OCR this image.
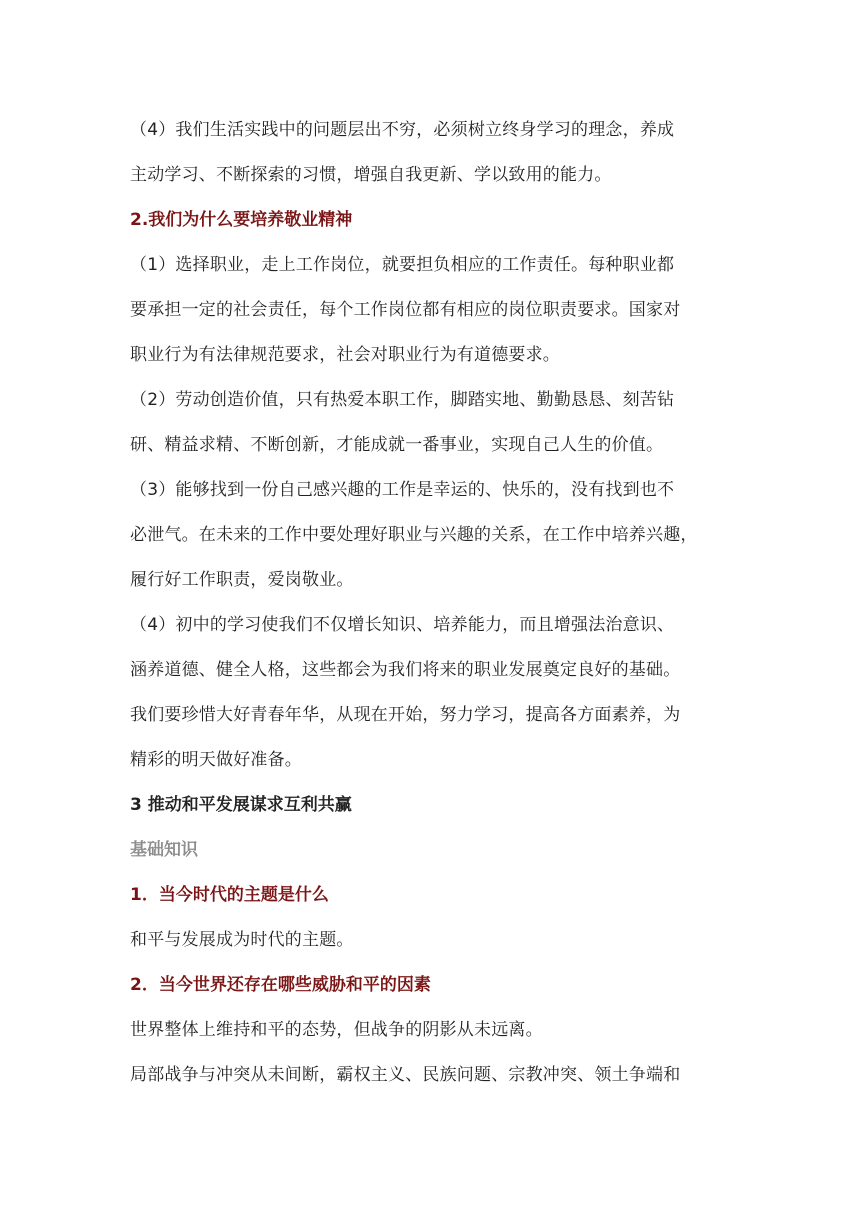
（4）我们生活实践中的问题层出不穷，必须树立终身学习的理念，养成

主动学习、不断探索的习惯，增强自我更新、学以致用的能力。

2.我们为什么要培养敬业精神

（1）选择职业，走上工作岗位，就要担负相应的工作责任。每种职业都

要承担一定的社会责任，每个工作岗位都有相应的岗位职责要求。国家对

职业行为有法律规范要求，社会对职业行为有道德要求。

（2）劳动创造价值，只有热爱本职工作，脚踏实地、勤勤恳恳、刻苦钻

研、精益求精、不断创新，才能成就一番事业，实现自己人生的价值。

（3）能够找到一份自己感兴趣的工作是幸运的、快乐的，没有找到也不

必泄气。在未来的工作中要处理好职业与兴趣的关系，在工作中培养兴趣，

履行好工作职责，爱岗敬业。

（4）初中的学习使我们不仅增长知识、培养能力，而且增强法治意识、

涵养道德、健全人格，这些都会为我们将来的职业发展奠定良好的基础。

我们要珍惜大好青春年华，从现在开始，努力学习，提高各方面素养，为

精彩的明天做好准备。

3 推动和平发展谋求互利共赢

基础知识

1．当今时代的主题是什么

和平与发展成为时代的主题。

2．当今世界还存在哪些威胁和平的因素

世界整体上维持和平的态势，但战争的阴影从未远离。

局部战争与冲突从未间断，霸权主义、民族问题、宗教冲突、领土争端和
